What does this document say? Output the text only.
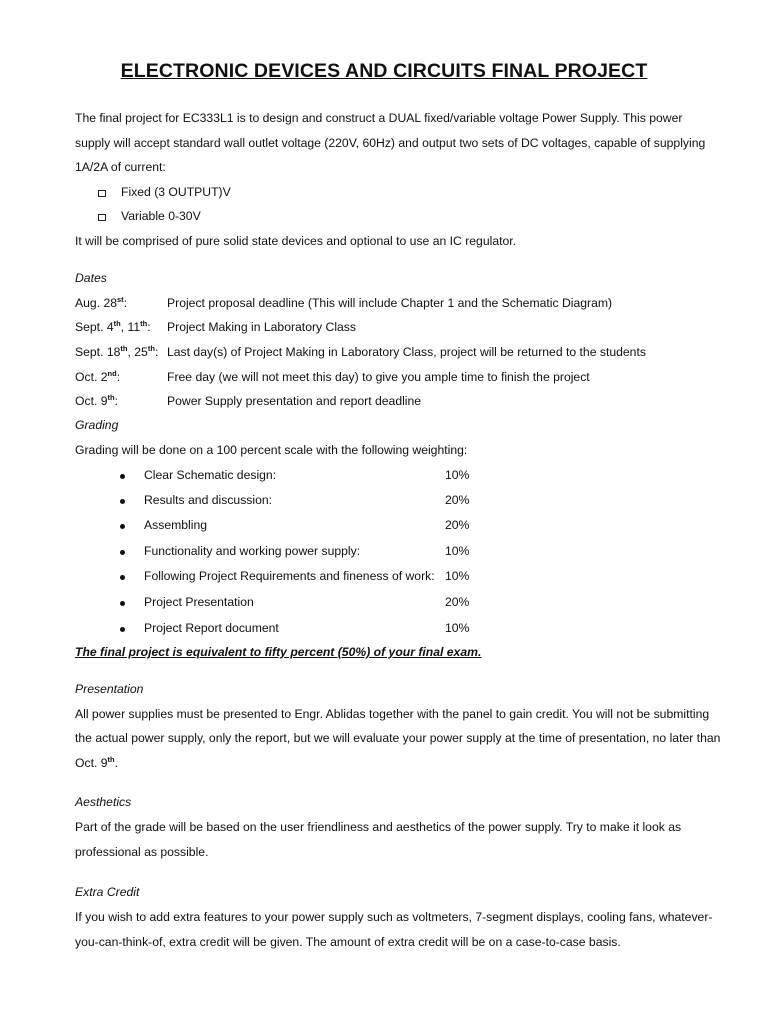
ELECTRONIC DEVICES AND CIRCUITS FINAL PROJECT
The final project for EC333L1 is to design and construct a DUAL fixed/variable voltage Power Supply. This power
supply will accept standard wall outlet voltage (220V, 60Hz) and output two sets of DC voltages, capable of supplying
1A/2A of current:
Fixed (3 OUTPUT)V
Variable 0-30V
It will be comprised of pure solid state devices and optional to use an IC regulator.
Dates
Aug. 28st:	Project proposal deadline (This will include Chapter 1 and the Schematic Diagram)
Sept. 4th, 11th: Project Making in Laboratory Class
Sept. 18th, 25th: Last day(s) of Project Making in Laboratory Class, project will be returned to the students
Oct. 2nd:	Free day (we will not meet this day) to give you ample time to finish the project
Oct. 9th:	Power Supply presentation and report deadline
Grading
Grading will be done on a 100 percent scale with the following weighting:
Clear Schematic design:	10%
Results and discussion:	20%
Assembling	20%
Functionality and working power supply:	10%
Following Project Requirements and fineness of work: 10%
Project Presentation	20%
Project Report document	10%
The final project is equivalent to fifty percent (50%) of your final exam.
Presentation
All power supplies must be presented to Engr. Ablidas together with the panel to gain credit. You will not be submitting
the actual power supply, only the report, but we will evaluate your power supply at the time of presentation, no later than
Oct. 9th.
Aesthetics
Part of the grade will be based on the user friendliness and aesthetics of the power supply. Try to make it look as
professional as possible.
Extra Credit
If you wish to add extra features to your power supply such as voltmeters, 7-segment displays, cooling fans, whatever-
you-can-think-of, extra credit will be given. The amount of extra credit will be on a case-to-case basis.
